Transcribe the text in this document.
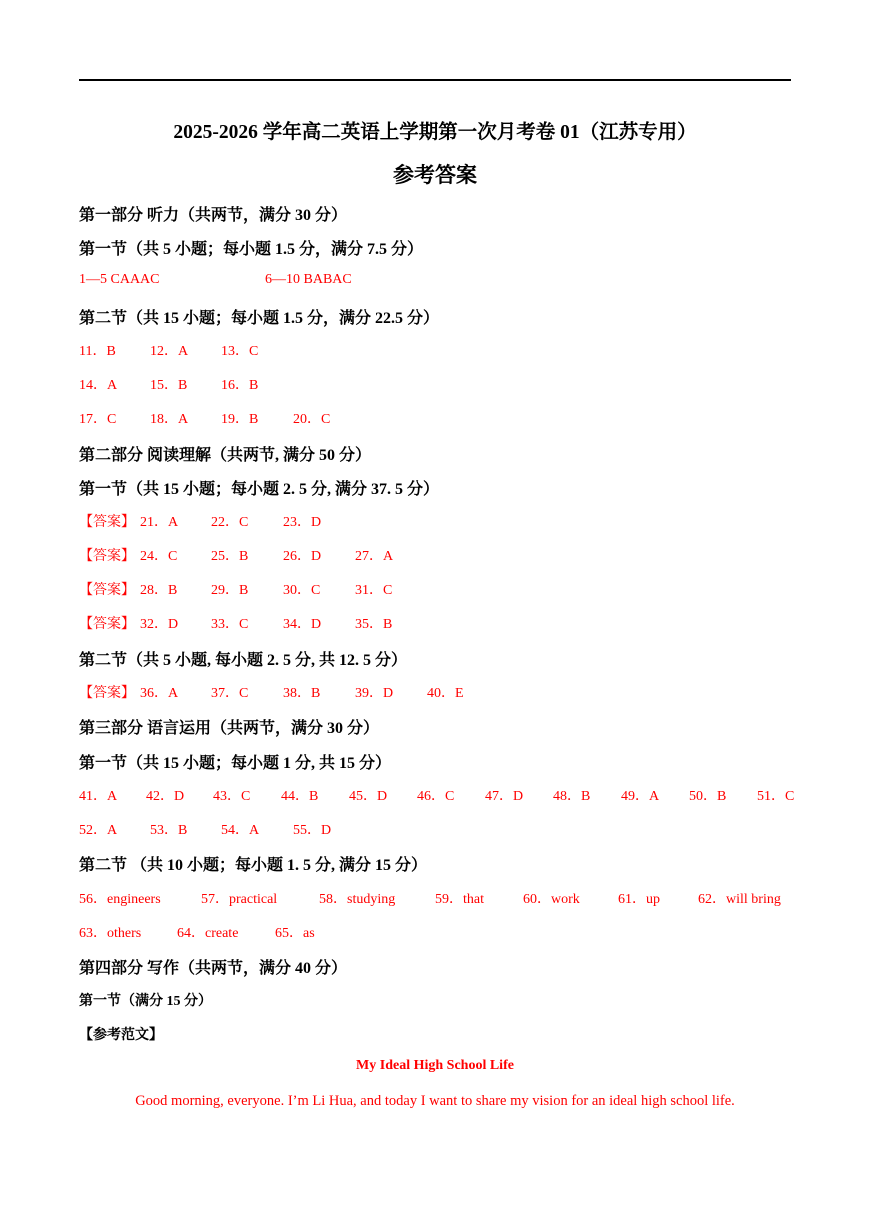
2025-2026 学年高二英语上学期第一次月考卷 01（江苏专用）
参考答案
第一部分 听力（共两节，满分 30 分）
第一节（共 5 小题；每小题 1.5 分，满分 7.5 分）
1—5 CAAAC	6—10 BABAC
第二节（共 15 小题；每小题 1.5 分，满分 22.5 分）
11．B 12．A 13．C
14．A 15．B 16．B
17．C 18．A 19．B 20．C
第二部分 阅读理解（共两节, 满分 50 分）
第一节（共 15 小题；每小题 2. 5 分, 满分 37. 5 分）
【答案】 21．A 22．C 23．D
【答案】 24．C 25．B 26．D 27．A
【答案】 28．B 29．B 30．C 31．C
【答案】 32．D 33．C 34．D 35．B
第二节（共 5 小题, 每小题 2. 5 分, 共 12. 5 分）
【答案】 36．A 37．C 38．B 39．D 40．E
第三部分 语言运用（共两节，满分 30 分）
第一节（共 15 小题；每小题 1 分, 共 15 分）
41．A 42．D 43．C 44．B 45．D 46．C 47．D 48．B 49．A 50．B 51．C
52．A 53．B 54．A 55．D
第二节 （共 10 小题；每小题 1. 5 分, 满分 15 分）
56．engineers	57．practical	58．studying	59．that	60．work	61．up	62．will bring
63．others	64．create	65．as
第四部分 写作（共两节，满分 40 分）
第一节（满分 15 分）
【参考范文】
My Ideal High School Life
Good morning, everyone. I’m Li Hua, and today I want to share my vision for an ideal high school life.
